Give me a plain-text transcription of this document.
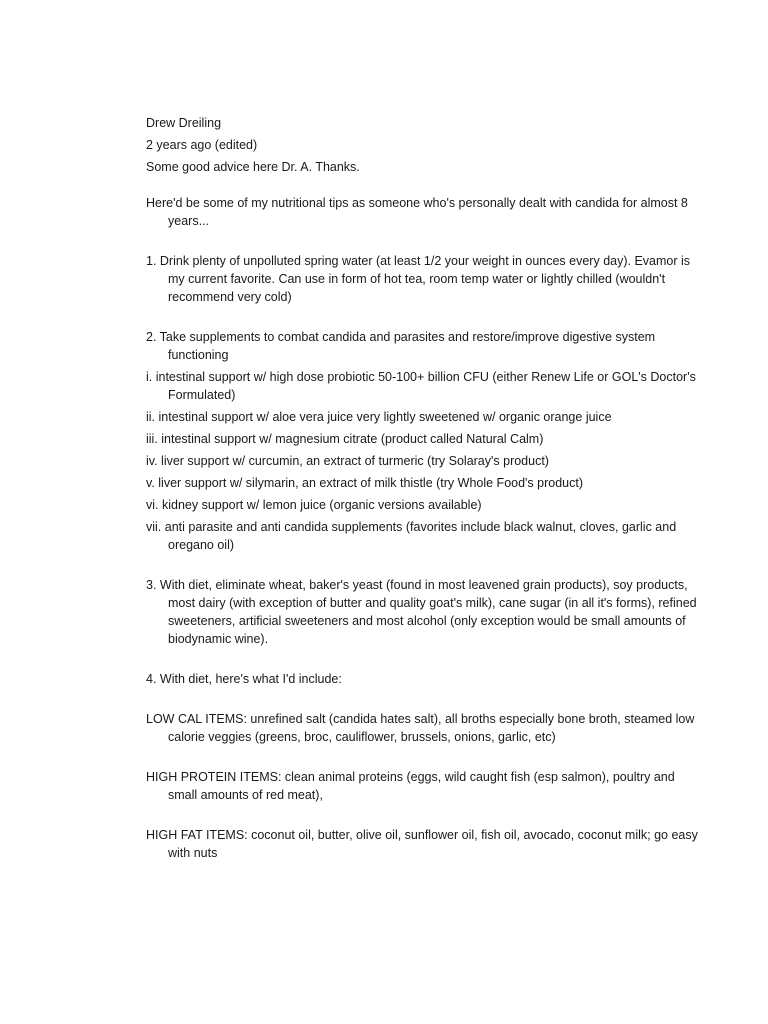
Drew Dreiling
2 years ago (edited)
Some good advice here Dr. A. Thanks.
Here'd be some of my nutritional tips as someone who's personally dealt with candida for almost 8 years...
1. Drink plenty of unpolluted spring water (at least 1/2 your weight in ounces every day). Evamor is my current favorite. Can use in form of hot tea, room temp water or lightly chilled (wouldn't recommend very cold)
2. Take supplements to combat candida and parasites and restore/improve digestive system functioning
i. intestinal support w/ high dose probiotic 50-100+ billion CFU (either Renew Life or GOL's Doctor's Formulated)
ii. intestinal support w/ aloe vera juice very lightly sweetened w/ organic orange juice
iii. intestinal support w/ magnesium citrate (product called Natural Calm)
iv. liver support w/ curcumin, an extract of turmeric (try Solaray's product)
v. liver support w/ silymarin, an extract of milk thistle (try Whole Food's product)
vi. kidney support w/ lemon juice (organic versions available)
vii. anti parasite and anti candida supplements (favorites include black walnut, cloves, garlic and oregano oil)
3. With diet, eliminate wheat, baker's yeast (found in most leavened grain products), soy products, most dairy (with exception of butter and quality goat's milk), cane sugar (in all it's forms), refined sweeteners, artificial sweeteners and most alcohol (only exception would be small amounts of biodynamic wine).
4. With diet, here's what I'd include:
LOW CAL ITEMS: unrefined salt (candida hates salt), all broths especially bone broth, steamed low calorie veggies (greens, broc, cauliflower, brussels, onions, garlic, etc)
HIGH PROTEIN ITEMS: clean animal proteins (eggs, wild caught fish (esp salmon), poultry and small amounts of red meat),
HIGH FAT ITEMS: coconut oil, butter, olive oil, sunflower oil, fish oil, avocado, coconut milk; go easy with nuts
